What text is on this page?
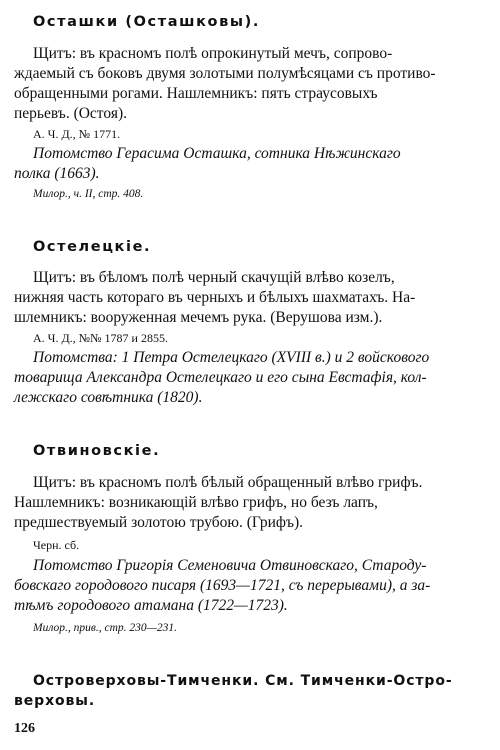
Осташки (Осташковы).
Щитъ: въ красномъ полѣ опрокинутый мечъ, сопрово-
ждаемый съ боковъ двумя золотыми полумѣсяцами съ противо-
обращенными рогами. Нашлемникъ: пять страусовыхъ
перьевъ. (Остоя).
А. Ч. Д., № 1771.
Потомство Герасима Осташка, сотника Нѣжинскаго
полка (1663).
Милор., ч. II, стр. 408.
Остелецкіе.
Щитъ: въ бѣломъ полѣ черный скачущій влѣво козелъ,
нижняя часть котораго въ черныхъ и бѣлыхъ шахматахъ. На-
шлемникъ: вооруженная мечемъ рука. (Верушова изм.).
А. Ч. Д., №№ 1787 и 2855.
Потомства: 1 Петра Остелецкаго (XVIII в.) и 2 войскового
товарища Александра Остелецкаго и его сына Евстафія, кол-
лежскаго совѣтника (1820).
Отвиновскіе.
Щитъ: въ красномъ полѣ бѣлый обращенный влѣво грифъ.
Нашлемникъ: возникающій влѣво грифъ, но безъ лапъ,
предшествуемый золотою трубою. (Грифъ).
Черн. сб.
Потомство Григорія Семеновича Отвиновскаго, Староду-
бовскаго городового писаря (1693—1721, съ перерывами), а за-
тѣмъ городового атамана (1722—1723).
Милор., прив., стр. 230—231.
Островерховы-Тимченки. См. Тимченки-Остро-
верховы.
126
